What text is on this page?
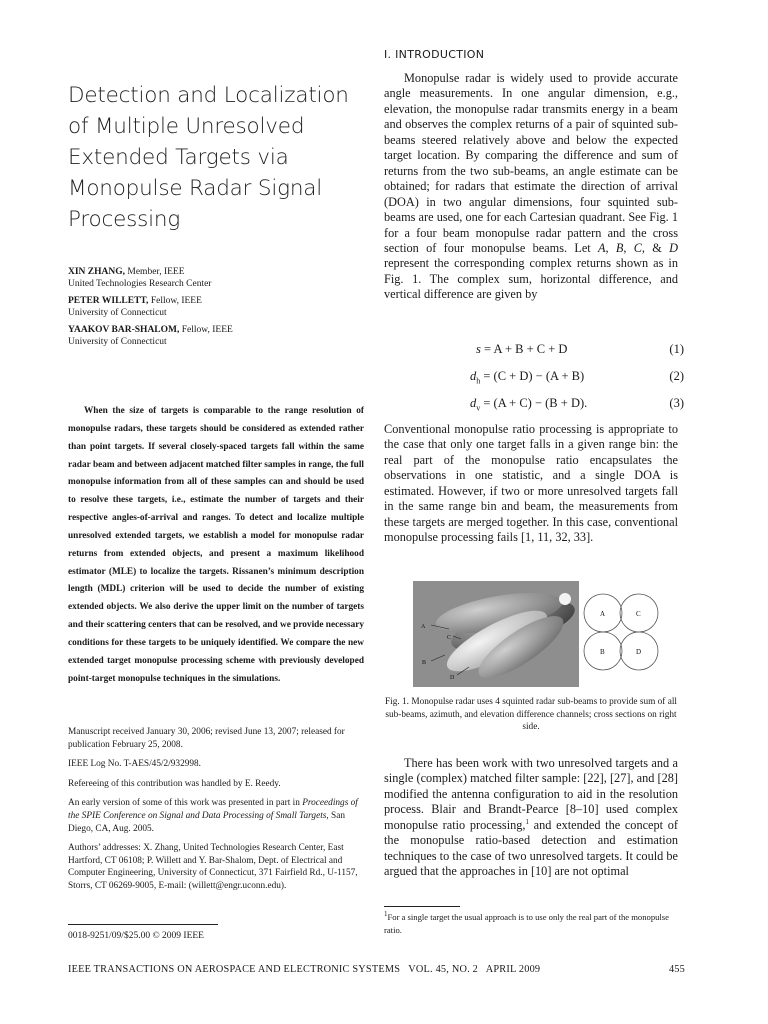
Detection and Localization of Multiple Unresolved Extended Targets via Monopulse Radar Signal Processing
XIN ZHANG, Member, IEEE
United Technologies Research Center
PETER WILLETT, Fellow, IEEE
University of Connecticut
YAAKOV BAR-SHALOM, Fellow, IEEE
University of Connecticut

When the size of targets is comparable to the range resolution of monopulse radars, these targets should be considered as extended rather than point targets. If several closely-spaced targets fall within the same radar beam and between adjacent matched filter samples in range, the full monopulse information from all of these samples can and should be used to resolve these targets, i.e., estimate the number of targets and their respective angles-of-arrival and ranges. To detect and localize multiple unresolved extended targets, we establish a model for monopulse radar returns from extended objects, and present a maximum likelihood estimator (MLE) to localize the targets. Rissanen’s minimum description length (MDL) criterion will be used to decide the number of existing extended objects. We also derive the upper limit on the number of targets and their scattering centers that can be resolved, and we provide necessary conditions for these targets to be uniquely identified. We compare the new extended target monopulse processing scheme with previously developed point-target monopulse techniques in the simulations.

Manuscript received January 30, 2006; revised June 13, 2007; released for publication February 25, 2008.

IEEE Log No. T-AES/45/2/932998.

Refereeing of this contribution was handled by E. Reedy.

An early version of some of this work was presented in part in Proceedings of the SPIE Conference on Signal and Data Processing of Small Targets, San Diego, CA, Aug. 2005.

Authors’ addresses: X. Zhang, United Technologies Research Center, East Hartford, CT 06108; P. Willett and Y. Bar-Shalom, Dept. of Electrical and Computer Engineering, University of Connecticut, 371 Fairfield Rd., U-1157, Storrs, CT 06269-9005, E-mail: (willett@engr.uconn.edu).

0018-9251/09/$25.00 © 2009 IEEE
I. INTRODUCTION

Monopulse radar is widely used to provide accurate angle measurements. In one angular dimension, e.g., elevation, the monopulse radar transmits energy in a beam and observes the complex returns of a pair of squinted sub-beams steered relatively above and below the expected target location. By comparing the difference and sum of returns from the two sub-beams, an angle estimate can be obtained; for radars that estimate the direction of arrival (DOA) in two angular dimensions, four squinted sub-beams are used, one for each Cartesian quadrant. See Fig. 1 for a four beam monopulse radar pattern and the cross section of four monopulse beams. Let A, B, C, & D represent the corresponding complex returns shown as in Fig. 1. The complex sum, horizontal difference, and vertical difference are given by

s = A + B + C + D	(1)
$d_h = (C + D) - (A + B)$	(2)
$d_v = (A + C) - (B + D)$.	(3)

Conventional monopulse ratio processing is appropriate to the case that only one target falls in a given range bin: the real part of the monopulse ratio encapsulates the observations in one statistic, and a single DOA is estimated. However, if two or more unresolved targets fall in the same range bin and beam, the measurements from these targets are merged together. In this case, conventional monopulse processing fails [1, 11, 32, 33].

A
C
B
D
A	C
B	D

Fig. 1. Monopulse radar uses 4 squinted radar sub-beams to provide sum of all sub-beams, azimuth, and elevation difference channels; cross sections on right side.

There has been work with two unresolved targets and a single (complex) matched filter sample: [22], [27], and [28] modified the antenna configuration to aid in the resolution process. Blair and Brandt-Pearce [8–10] used complex monopulse ratio processing,$^1$ and extended the concept of the monopulse ratio-based detection and estimation techniques to the case of two unresolved targets. It could be argued that the approaches in [10] are not optimal

$^1$For a single target the usual approach is to use only the real part of the monopulse ratio.

IEEE TRANSACTIONS ON AEROSPACE AND ELECTRONIC SYSTEMS   VOL. 45, NO. 2   APRIL 2009	455
